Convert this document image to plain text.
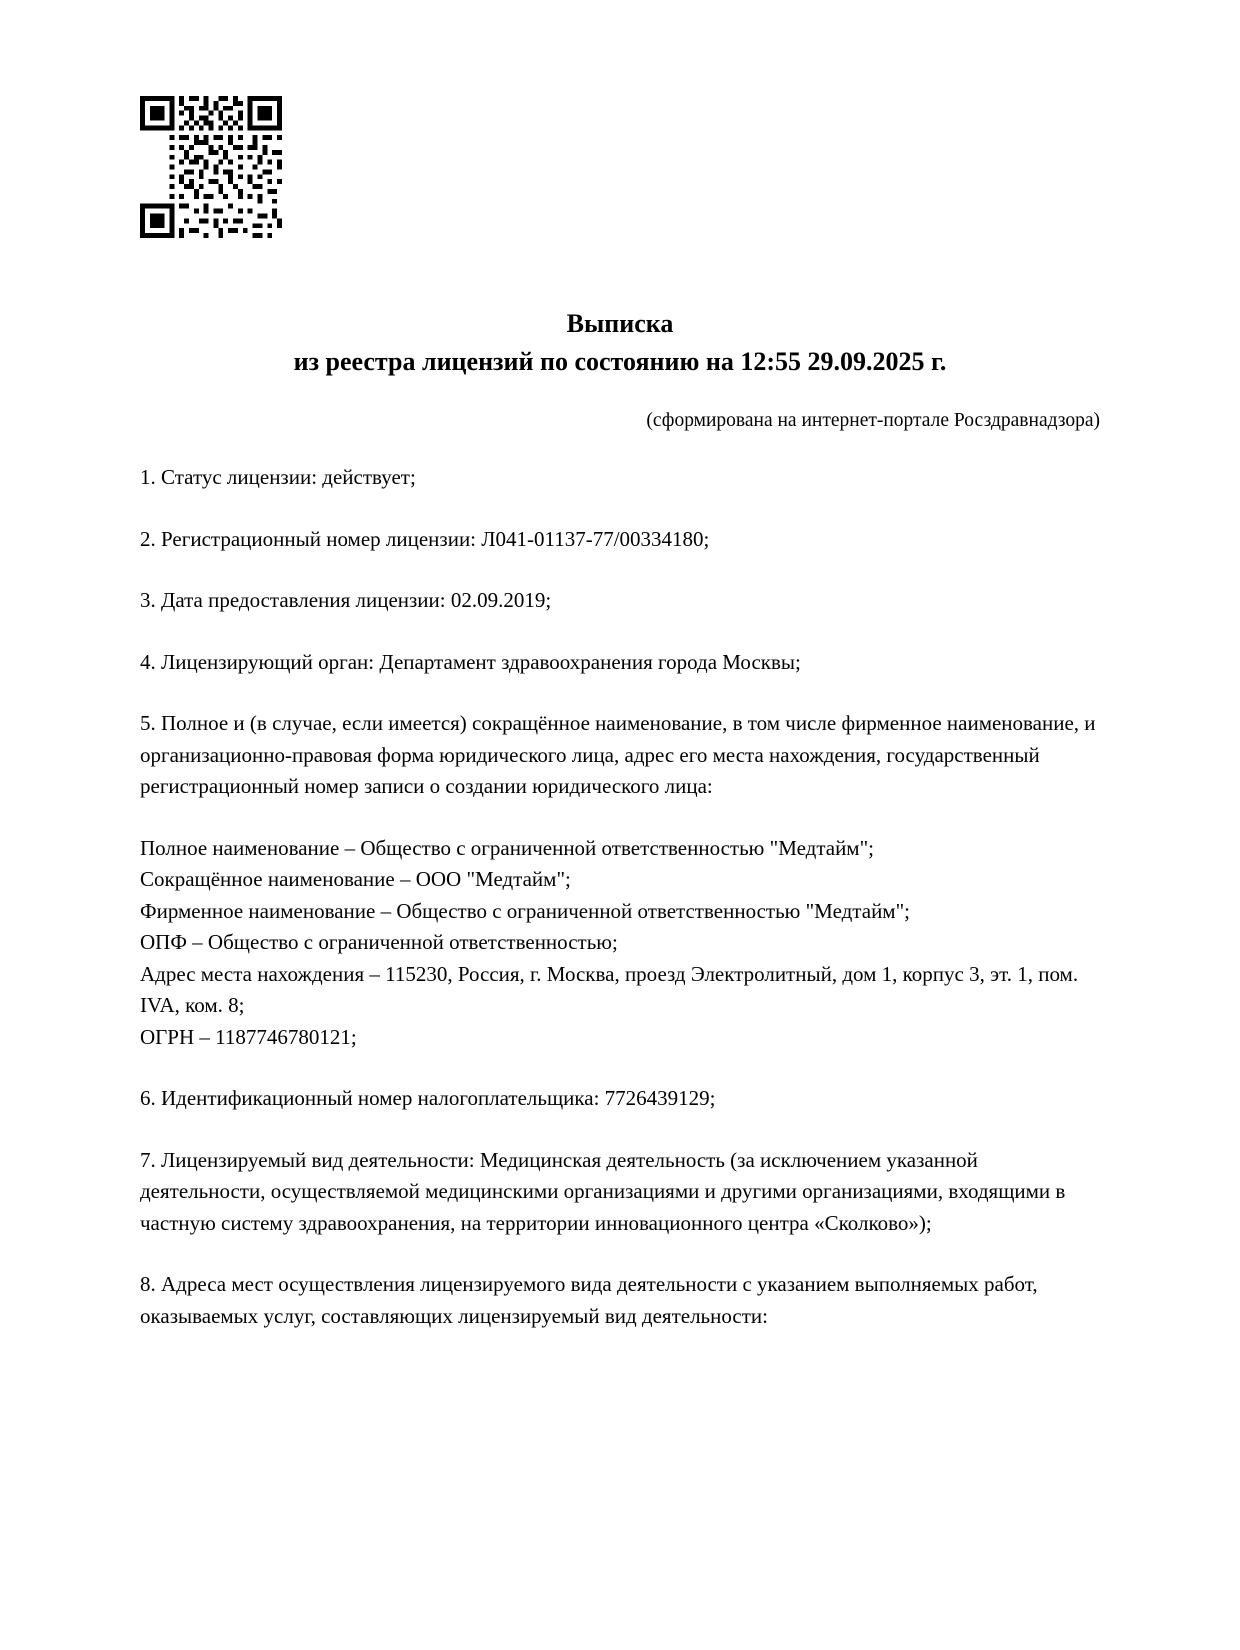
Выписка
из реестра лицензий по состоянию на 12:55 29.09.2025 г.
(сформирована на интернет-портале Росздравнадзора)
1. Статус лицензии: действует;
2. Регистрационный номер лицензии: Л041-01137-77/00334180;
3. Дата предоставления лицензии: 02.09.2019;
4. Лицензирующий орган: Департамент здравоохранения города Москвы;
5. Полное и (в случае, если имеется) сокращённое наименование, в том числе фирменное наименование, и организационно-правовая форма юридического лица, адрес его места нахождения, государственный регистрационный номер записи о создании юридического лица:
Полное наименование – Общество с ограниченной ответственностью "Медтайм";
Сокращённое наименование – ООО "Медтайм";
Фирменное наименование – Общество с ограниченной ответственностью "Медтайм";
ОПФ – Общество с ограниченной ответственностью;
Адрес места нахождения – 115230, Россия, г. Москва, проезд Электролитный, дом 1, корпус 3, эт. 1, пом. IVA, ком. 8;
ОГРН – 1187746780121;
6. Идентификационный номер налогоплательщика: 7726439129;
7. Лицензируемый вид деятельности: Медицинская деятельность (за исключением указанной деятельности, осуществляемой медицинскими организациями и другими организациями, входящими в частную систему здравоохранения, на территории инновационного центра «Сколково»);
8. Адреса мест осуществления лицензируемого вида деятельности с указанием выполняемых работ, оказываемых услуг, составляющих лицензируемый вид деятельности:
